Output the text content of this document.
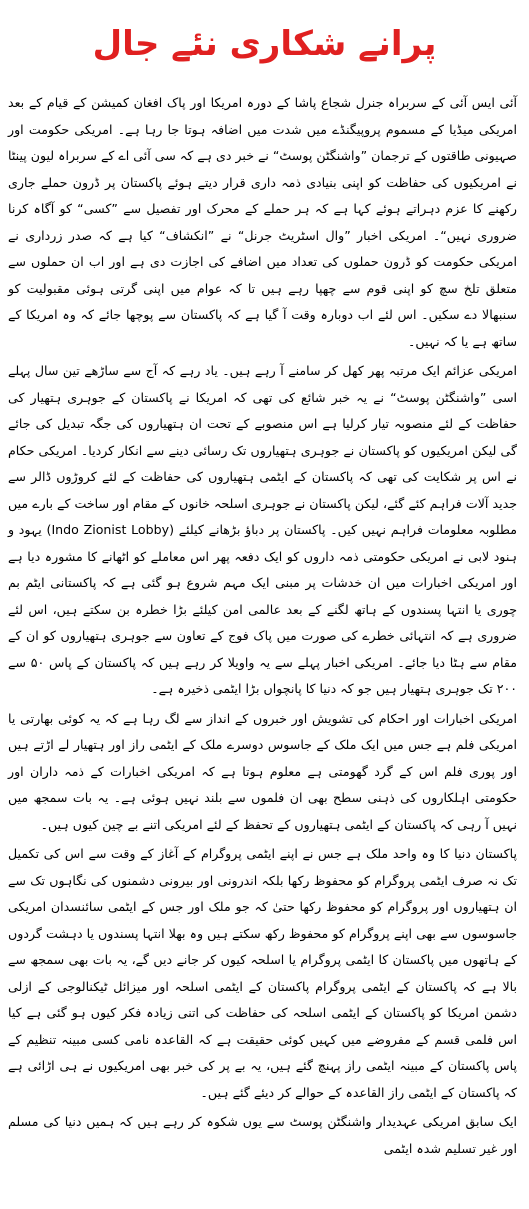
پرانے شکاری نئے جال

آئی ایس آئی کے سربراہ جنرل شجاع پاشا کے دورہ امریکا اور پاک افغان کمیشن کے قیام کے بعد امریکی میڈیا کے مسموم پروپیگنڈے میں شدت میں اضافہ ہوتا جا رہا ہے۔ امریکی حکومت اور صہیونی طاقتوں کے ترجمان ”واشنگٹن پوسٹ“ نے خبر دی ہے کہ سی آئی اے کے سربراہ لیون پینٹا نے امریکیوں کی حفاظت کو اپنی بنیادی ذمہ داری قرار دیتے ہوئے پاکستان پر ڈرون حملے جاری رکھنے کا عزم دہراتے ہوئے کہا ہے کہ ہر حملے کے محرک اور تفصیل سے ”کسی“ کو آگاہ کرنا ضروری نہیں“۔ امریکی اخبار ”وال اسٹریٹ جرنل“ نے ”انکشاف“ کیا ہے کہ صدر زرداری نے امریکی حکومت کو ڈرون حملوں کی تعداد میں اضافے کی اجازت دی ہے اور اب ان حملوں سے متعلق تلخ سچ کو اپنی قوم سے چھپا رہے ہیں تا کہ عوام میں اپنی گرتی ہوئی مقبولیت کو سنبھالا دے سکیں۔ اس لئے اب دوبارہ وقت آ گیا ہے کہ پاکستان سے پوچھا جائے کہ وہ امریکا کے ساتھ ہے یا کہ نہیں۔

امریکی عزائم ایک مرتبہ پھر کھل کر سامنے آ رہے ہیں۔ یاد رہے کہ آج سے ساڑھے تین سال پہلے اسی ”واشنگٹن پوسٹ“ نے یہ خبر شائع کی تھی کہ امریکا نے پاکستان کے جوہری ہتھیار کی حفاظت کے لئے منصوبہ تیار کرلیا ہے اس منصوبے کے تحت ان ہتھیاروں کی جگہ تبدیل کی جائے گی لیکن امریکیوں کو پاکستان نے جوہری ہتھیاروں تک رسائی دینے سے انکار کردیا۔ امریکی حکام نے اس پر شکایت کی تھی کہ پاکستان کے ایٹمی ہتھیاروں کی حفاظت کے لئے کروڑوں ڈالر سے جدید آلات فراہم کئے گئے، لیکن پاکستان نے جوہری اسلحہ خانوں کے مقام اور ساخت کے بارے میں مطلوبہ معلومات فراہم نہیں کیں۔ پاکستان پر دباؤ بڑھانے کیلئے (Indo Zionist Lobby) یہود و ہنود لابی نے امریکی حکومتی ذمہ داروں کو ایک دفعہ پھر اس معاملے کو اٹھانے کا مشورہ دیا ہے اور امریکی اخبارات میں ان خدشات پر مبنی ایک مہم شروع ہو گئی ہے کہ پاکستانی ایٹم بم چوری یا انتہا پسندوں کے ہاتھ لگنے کے بعد عالمی امن کیلئے بڑا خطرہ بن سکتے ہیں، اس لئے ضروری ہے کہ انتہائی خطرے کی صورت میں پاک فوج کے تعاون سے جوہری ہتھیاروں کو ان کے مقام سے ہٹا دیا جائے۔ امریکی اخبار پہلے سے یہ واویلا کر رہے ہیں کہ پاکستان کے پاس ۵۰ سے ۲۰۰ تک جوہری ہتھیار ہیں جو کہ دنیا کا پانچواں بڑا ایٹمی ذخیرہ ہے۔

امریکی اخبارات اور احکام کی تشویش اور خبروں کے انداز سے لگ رہا ہے کہ یہ کوئی بھارتی یا امریکی فلم ہے جس میں ایک ملک کے جاسوس دوسرے ملک کے ایٹمی راز اور ہتھیار لے اڑتے ہیں اور پوری فلم اس کے گرد گھومتی ہے معلوم ہوتا ہے کہ امریکی اخبارات کے ذمہ داران اور حکومتی اہلکاروں کی ذہنی سطح بھی ان فلموں سے بلند نہیں ہوئی ہے۔ یہ بات سمجھ میں نہیں آ رہی کہ پاکستان کے ایٹمی ہتھیاروں کے تحفظ کے لئے امریکی اتنے بے چین کیوں ہیں۔

پاکستان دنیا کا وہ واحد ملک ہے جس نے اپنے ایٹمی پروگرام کے آغاز کے وقت سے اس کی تکمیل تک نہ صرف ایٹمی پروگرام کو محفوظ رکھا بلکہ اندرونی اور بیرونی دشمنوں کی نگاہوں تک سے ان ہتھیاروں اور پروگرام کو محفوظ رکھا حتیٰ کہ جو ملک اور جس کے ایٹمی سائنسدان امریکی جاسوسوں سے بھی اپنے پروگرام کو محفوظ رکھ سکتے ہیں وہ بھلا انتہا پسندوں یا دہشت گردوں کے ہاتھوں میں پاکستان کا ایٹمی پروگرام یا اسلحہ کیوں کر جانے دیں گے، یہ بات بھی سمجھ سے بالا ہے کہ پاکستان کے ایٹمی پروگرام پاکستان کے ایٹمی اسلحہ اور میزائل ٹیکنالوجی کے ازلی دشمن امریکا کو پاکستان کے ایٹمی اسلحہ کی حفاظت کی اتنی زیادہ فکر کیوں ہو گئی ہے کیا اس فلمی قسم کے مفروضے میں کہیں کوئی حقیقت ہے کہ القاعدہ نامی کسی مبینہ تنظیم کے پاس پاکستان کے مبینہ ایٹمی راز پہنچ گئے ہیں، یہ بے پر کی خبر بھی امریکیوں نے ہی اڑائی ہے کہ پاکستان کے ایٹمی راز القاعدہ کے حوالے کر دیئے گئے ہیں۔

ایک سابق امریکی عہدیدار واشنگٹن پوسٹ سے یوں شکوہ کر رہے ہیں کہ ہمیں دنیا کی مسلم اور غیر تسلیم شدہ ایٹمی
